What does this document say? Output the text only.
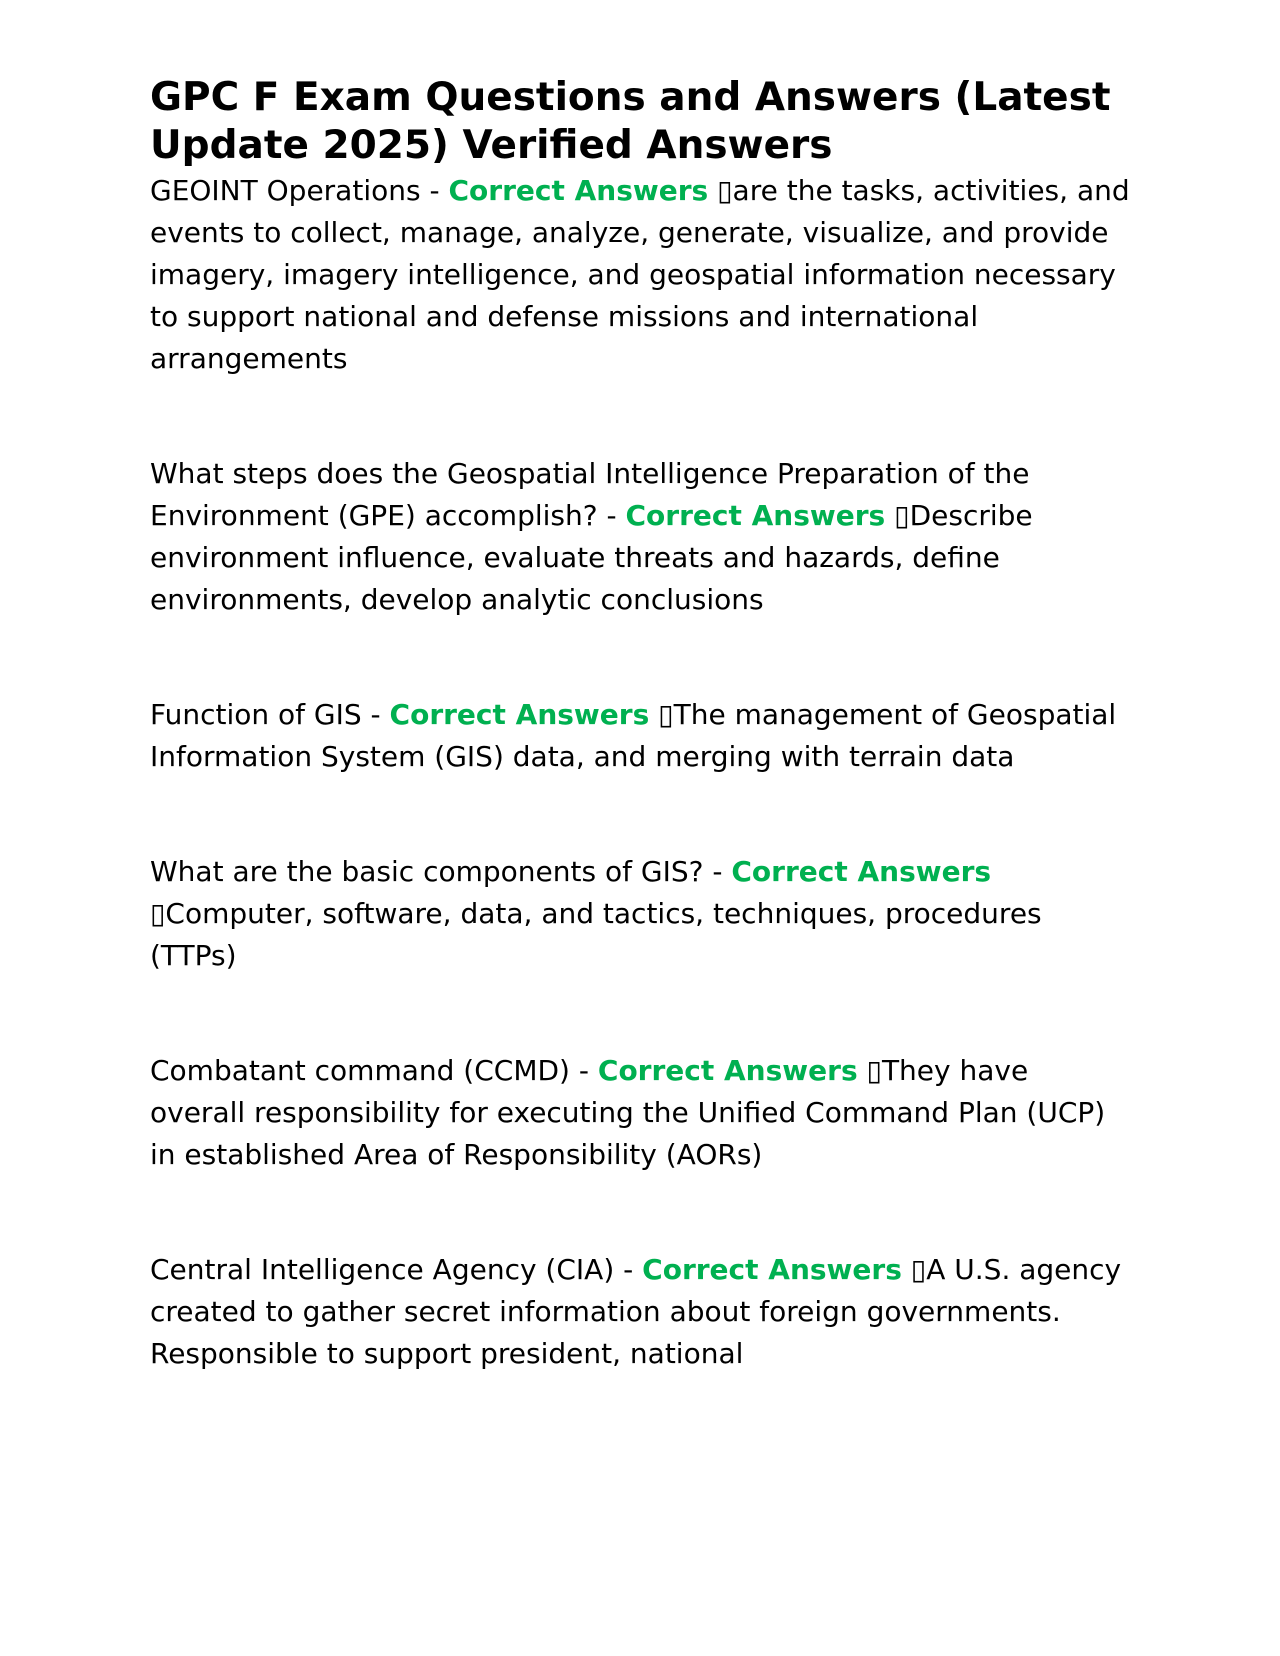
GPC F Exam Questions and Answers (Latest Update 2025) Verified Answers

GEOINT Operations - Correct Answers ▯are the tasks, activities, and events to collect, manage, analyze, generate, visualize, and provide imagery, imagery intelligence, and geospatial information necessary to support national and defense missions and international arrangements

What steps does the Geospatial Intelligence Preparation of the Environment (GPE) accomplish? - Correct Answers ▯Describe environment influence, evaluate threats and hazards, define environments, develop analytic conclusions

Function of GIS - Correct Answers ▯The management of Geospatial Information System (GIS) data, and merging with terrain data

What are the basic components of GIS? - Correct Answers ▯Computer, software, data, and tactics, techniques, procedures (TTPs)

Combatant command (CCMD) - Correct Answers ▯They have overall responsibility for executing the Unified Command Plan (UCP) in established Area of Responsibility (AORs)

Central Intelligence Agency (CIA) - Correct Answers ▯A U.S. agency created to gather secret information about foreign governments. Responsible to support president, national
